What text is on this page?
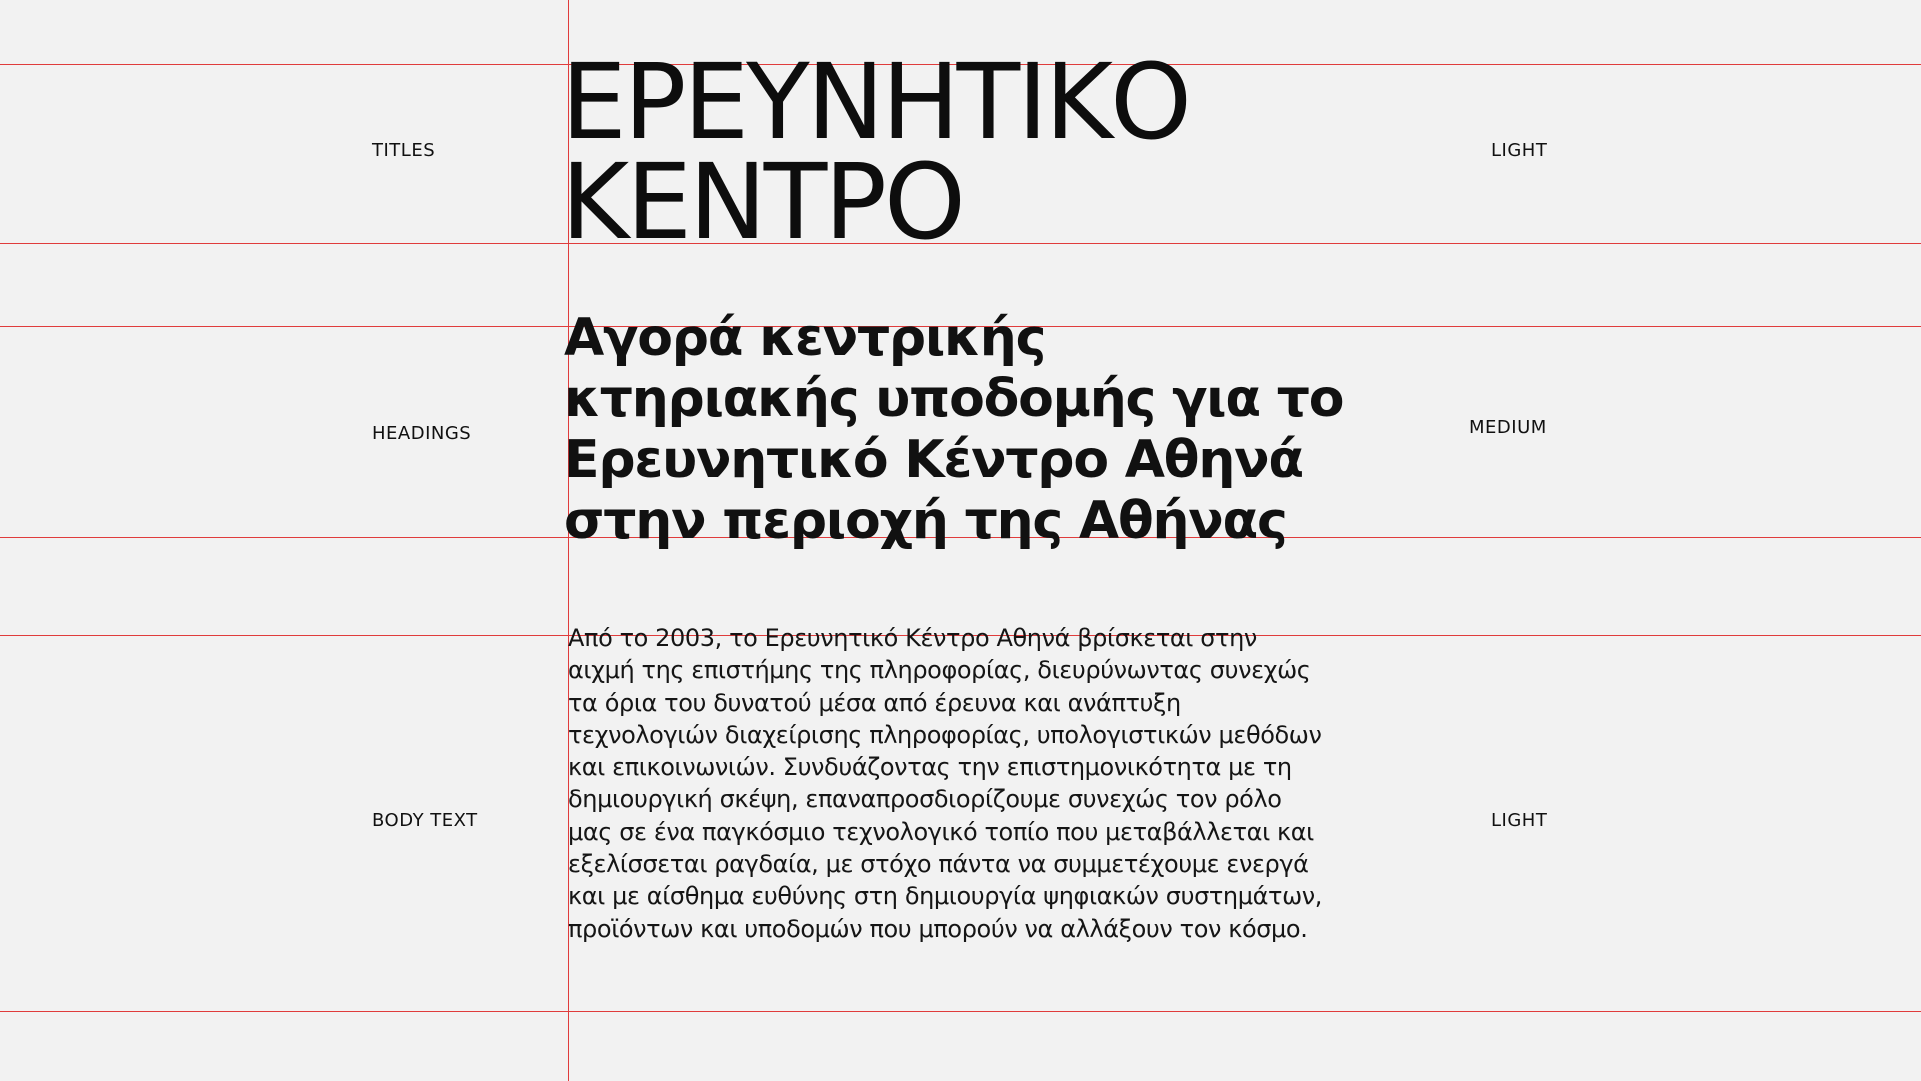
TITLES ΕΡΕΥΝΗΤΙΚΟ
ΚΕΝΤΡΟ	LIGHT
HEADINGS
Αγορά κεντρικής κτηριακής υποδομής για το Ερευνητικό Κέντρο Αθηνά στην περιοχή της Αθήνας
MEDIUM
BODY TEXT

Από το 2003, το Ερευνητικό Κέντρο Αθηνά βρίσκεται στην αιχμή της επιστήμης της πληροφορίας, διευρύνωντας συνεχώς τα όρια του δυνατού μέσα από έρευνα και ανάπτυξη τεχνολογιών διαχείρισης πληροφορίας, υπολογιστικών μεθόδων και επικοινωνιών. Συνδυάζοντας την επιστημονικότητα με τη δημιουργική σκέψη, επαναπροσδιορίζουμε συνεχώς τον ρόλο μας σε ένα παγκόσμιο τεχνολογικό τοπίο που μεταβάλλεται και εξελίσσεται ραγδαία, με στόχο πάντα να συμμετέχουμε ενεργά και με αίσθημα ευθύνης στη δημιουργία ψηφιακών συστημάτων, προϊόντων και υποδομών που μπορούν να αλλάξουν τον κόσμο.

LIGHT
